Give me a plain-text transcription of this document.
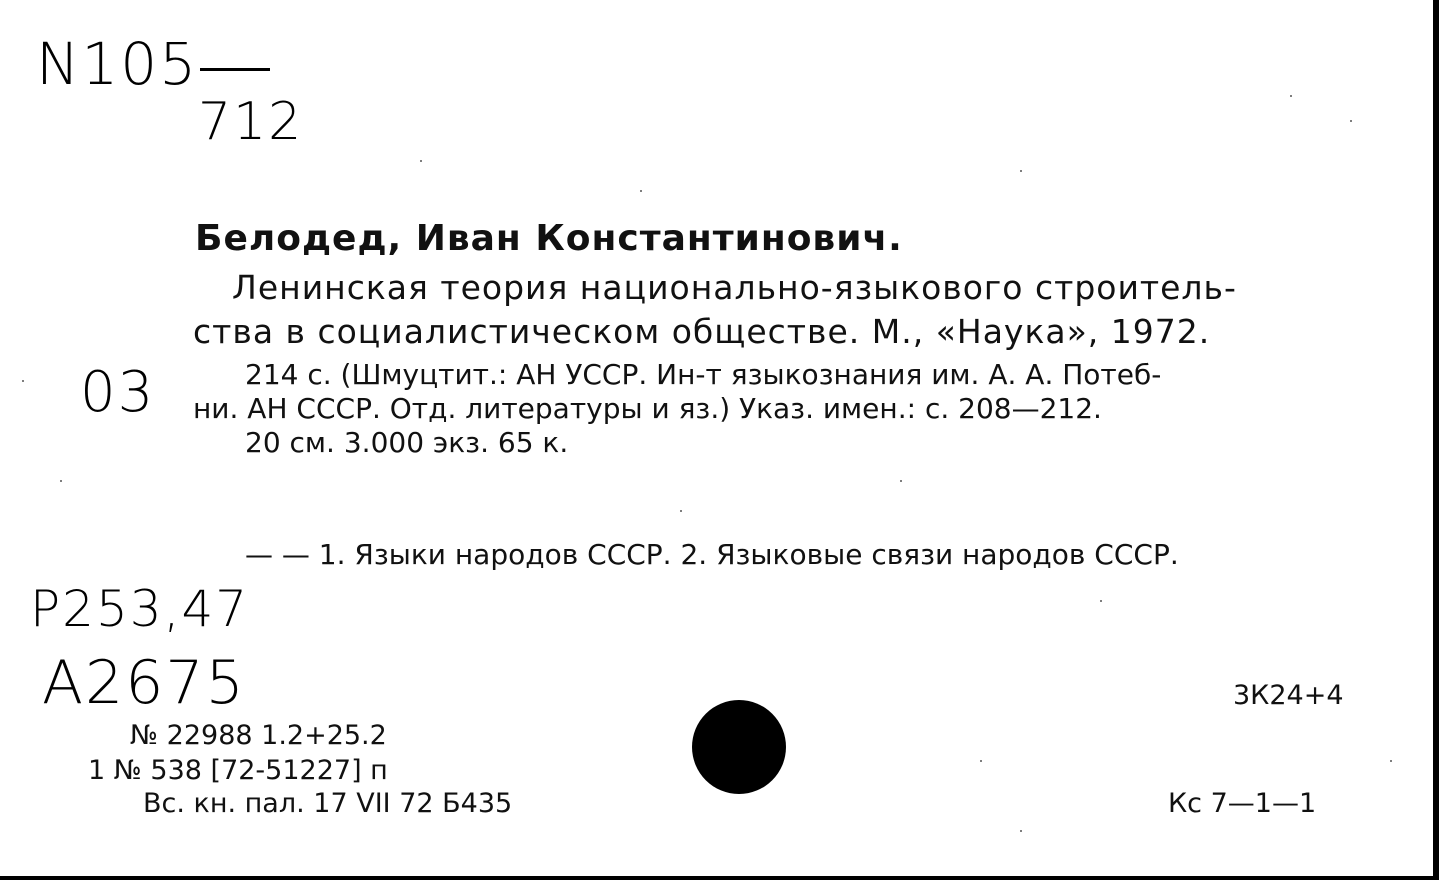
N105
712
Белодед, Иван Константинович.
Ленинская теория национально-языкового строитель-
ства в социалистическом обществе. М., «Наука», 1972.
03	214 с. (Шмуцтит.: АН УССР. Ин-т языкознания им. А. А. Потеб-
ни. АН СССР. Отд. литературы и яз.) Указ. имен.: с. 208—212.
20 см. 3.000 экз. 65 к.
— — 1. Языки народов СССР. 2. Языковые связи народов СССР.
P253,47
A2675
№ 22988 1.2+25.2
1 № 538 [72-51227] п
Вс. кн. пал. 17 VII 72 Б435
3К24+4
Кс 7—1—1
